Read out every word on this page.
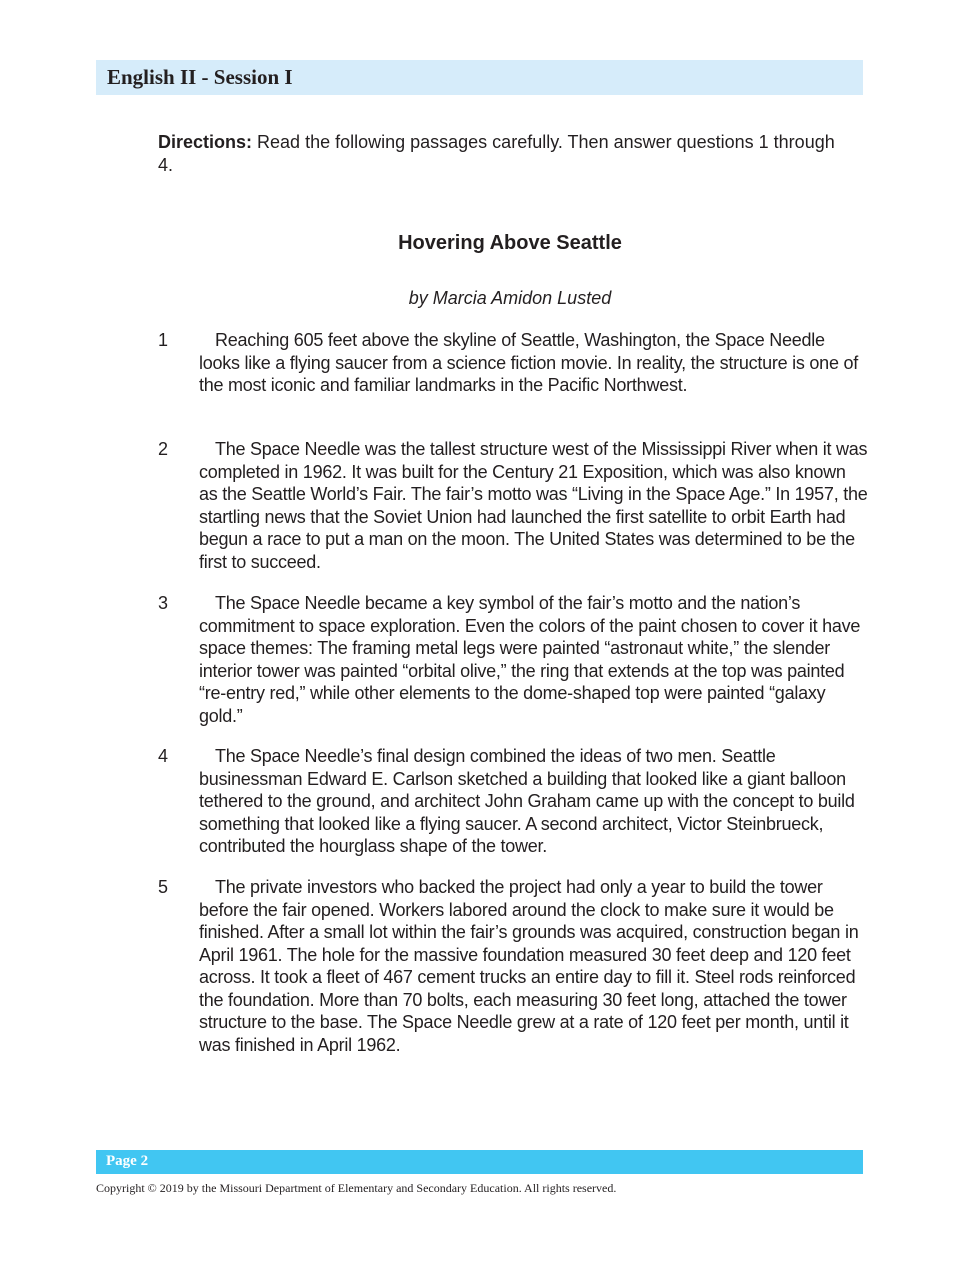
English II - Session I
Directions: Read the following passages carefully. Then answer questions 1 through 4.
Hovering Above Seattle
by Marcia Amidon Lusted
1	Reaching 605 feet above the skyline of Seattle, Washington, the Space Needle looks like a flying saucer from a science fiction movie. In reality, the structure is one of the most iconic and familiar landmarks in the Pacific Northwest.
2	The Space Needle was the tallest structure west of the Mississippi River when it was completed in 1962. It was built for the Century 21 Exposition, which was also known as the Seattle World’s Fair. The fair’s motto was “Living in the Space Age.” In 1957, the startling news that the Soviet Union had launched the first satellite to orbit Earth had begun a race to put a man on the moon. The United States was determined to be the first to succeed.
3	The Space Needle became a key symbol of the fair’s motto and the nation’s commitment to space exploration. Even the colors of the paint chosen to cover it have space themes: The framing metal legs were painted “astronaut white,” the slender interior tower was painted “orbital olive,” the ring that extends at the top was painted “re-entry red,” while other elements to the dome-shaped top were painted “galaxy gold.”
4	The Space Needle’s final design combined the ideas of two men. Seattle businessman Edward E. Carlson sketched a building that looked like a giant balloon tethered to the ground, and architect John Graham came up with the concept to build something that looked like a flying saucer. A second architect, Victor Steinbrueck, contributed the hourglass shape of the tower.
5	The private investors who backed the project had only a year to build the tower before the fair opened. Workers labored around the clock to make sure it would be finished. After a small lot within the fair’s grounds was acquired, construction began in April 1961. The hole for the massive foundation measured 30 feet deep and 120 feet across. It took a fleet of 467 cement trucks an entire day to fill it. Steel rods reinforced the foundation. More than 70 bolts, each measuring 30 feet long, attached the tower structure to the base. The Space Needle grew at a rate of 120 feet per month, until it was finished in April 1962.
Page 2
Copyright © 2019 by the Missouri Department of Elementary and Secondary Education. All rights reserved.
